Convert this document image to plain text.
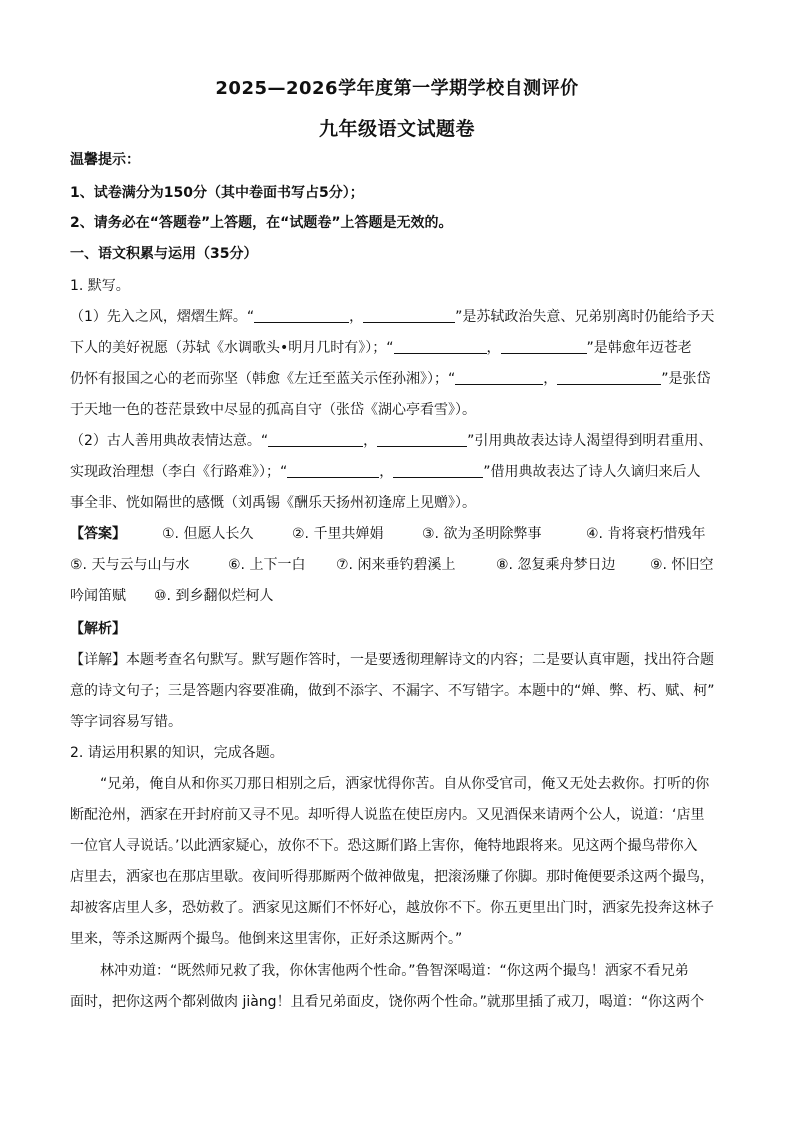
2025—2026学年度第一学期学校自测评价
九年级语文试题卷
温馨提示：
1、试卷满分为150分（其中卷面书写占5分）；
2、请务必在“答题卷”上答题，在“试题卷”上答题是无效的。
一、语文积累与运用（35分）
1. 默写。
（1）先入之风，熠熠生辉。“	，	”是苏轼政治失意、兄弟别离时仍能给予天
下人的美好祝愿（苏轼《水调歌头•明月几时有》）；“	，	”是韩愈年迈苍老
仍怀有报国之心的老而弥坚（韩愈《左迁至蓝关示侄孙湘》）；“	，	”是张岱
于天地一色的苍茫景致中尽显的孤高自守（张岱《湖心亭看雪》）。
（2）古人善用典故表情达意。“	，	”引用典故表达诗人渴望得到明君重用、
实现政治理想（李白《行路难》）；“	，	”借用典故表达了诗人久谪归来后人
事全非、恍如隔世的感慨（刘禹锡《酬乐天扬州初逢席上见赠》）。
【答案】	①. 但愿人长久	②. 千里共婵娟	③. 欲为圣明除弊事	④. 肯将衰朽惜残年
⑤. 天与云与山与水	⑥. 上下一白 ⑦. 闲来垂钓碧溪上	⑧. 忽复乘舟梦日边 ⑨. 怀旧空
吟闻笛赋 ⑩. 到乡翻似烂柯人
【解析】
【详解】本题考查名句默写。默写题作答时，一是要透彻理解诗文的内容；二是要认真审题，找出符合题
意的诗文句子；三是答题内容要准确，做到不添字、不漏字、不写错字。本题中的“婵、弊、朽、赋、柯”
等字词容易写错。
2. 请运用积累的知识，完成各题。
“兄弟，俺自从和你买刀那日相别之后，洒家忧得你苦。自从你受官司，俺又无处去救你。打听的你
断配沧州，洒家在开封府前又寻不见。却听得人说监在使臣房内。又见酒保来请两个公人，说道：‘店里
一位官人寻说话。’以此洒家疑心，放你不下。恐这厮们路上害你，俺特地跟将来。见这两个撮鸟带你入
店里去，洒家也在那店里歇。夜间听得那厮两个做神做鬼，把滚汤赚了你脚。那时俺便要杀这两个撮鸟，
却被客店里人多，恐妨救了。洒家见这厮们不怀好心，越放你不下。你五更里出门时，洒家先投奔这林子
里来，等杀这厮两个撮鸟。他倒来这里害你，正好杀这厮两个。”
林冲劝道：“既然师兄救了我，你休害他两个性命。”鲁智深喝道：“你这两个撮鸟！洒家不看兄弟
面时，把你这两个都剁做肉 jiàng！且看兄弟面皮，饶你两个性命。”就那里插了戒刀，喝道：“你这两个
